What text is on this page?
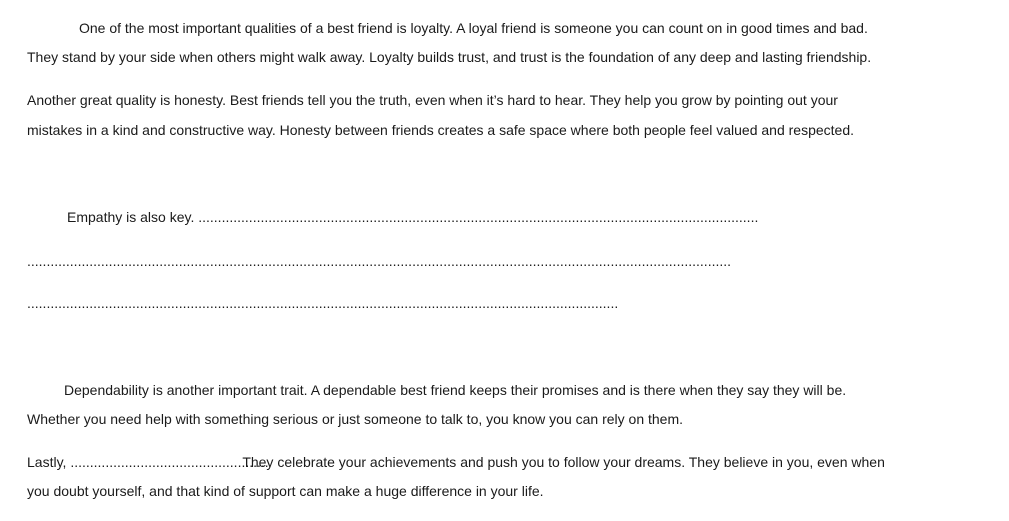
One of the most important qualities of a best friend is loyalty. A loyal friend is someone you can count on in good times and bad.
They stand by your side when others might walk away. Loyalty builds trust, and trust is the foundation of any deep and lasting friendship.
Another great quality is honesty. Best friends tell you the truth, even when it’s hard to hear. They help you grow by pointing out your
mistakes in a kind and constructive way. Honesty between friends creates a safe space where both people feel valued and respected.
Empathy is also key. ................................................................................................................................................
.....................................................................................................................................................................................
........................................................................................................................................................
Dependability is another important trait. A dependable best friend keeps their promises and is there when they say they will be.
Whether you need help with something serious or just someone to talk to, you know you can rely on them.
Lastly, ...................................................They celebrate your achievements and push you to follow your dreams. They believe in you, even when
you doubt yourself, and that kind of support can make a huge difference in your life.
